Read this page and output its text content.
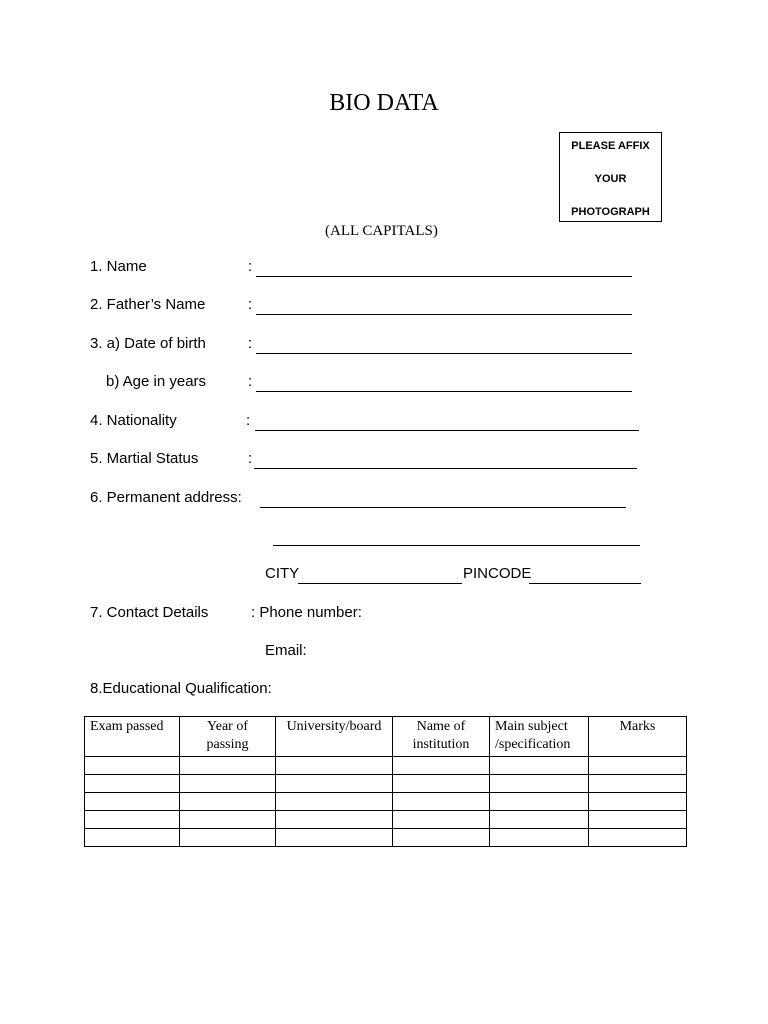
BIO DATA
PLEASE AFFIX
YOUR
PHOTOGRAPH
(ALL CAPITALS)
1. Name	:
2. Father’s Name	:
3. a) Date of birth	:
b) Age in years	:
4. Nationality	:
5. Martial Status	:
6. Permanent address:
CITY	PINCODE
7. Contact Details	: Phone number:
Email:
8.Educational Qualification:
Exam passed	Year of passing	University/board	Name of institution	Main subject /specification	Marks
